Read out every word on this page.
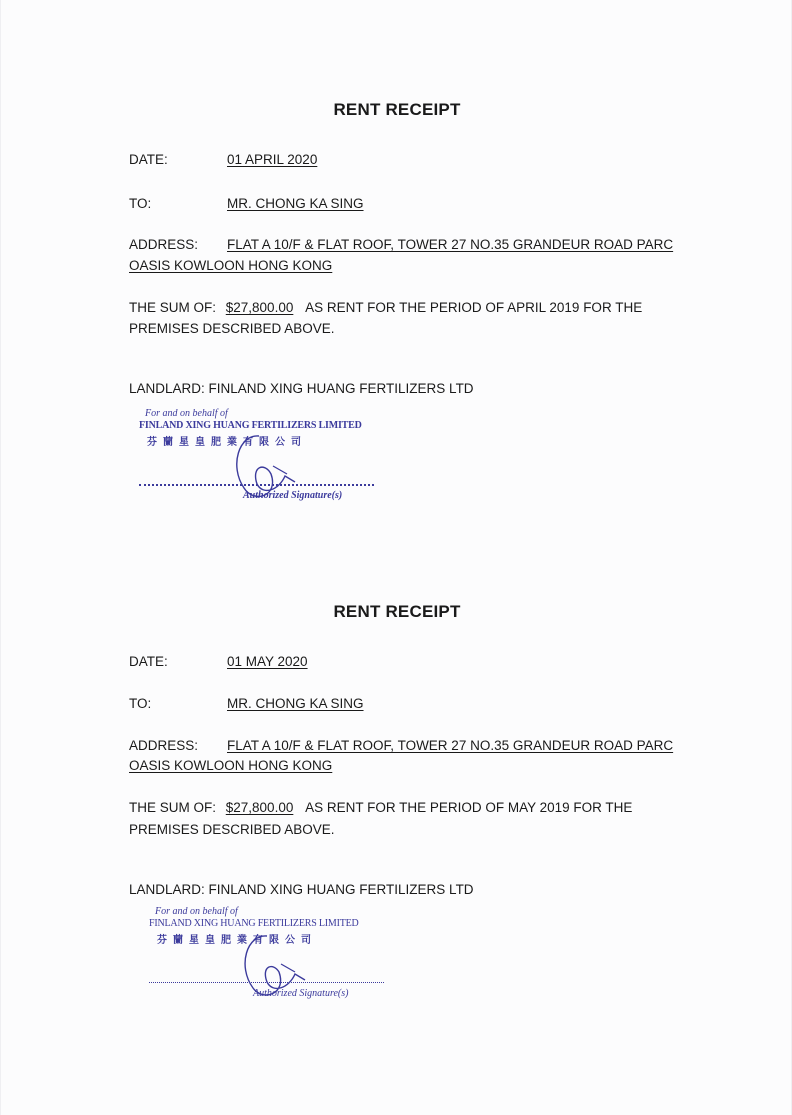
RENT RECEIPT
DATE:	01 APRIL 2020
TO:	MR. CHONG KA SING
ADDRESS: FLAT A 10/F & FLAT ROOF, TOWER 27 NO.35 GRANDEUR ROAD PARC
OASIS KOWLOON HONG KONG
THE SUM OF: $27,800.00 AS RENT FOR THE PERIOD OF APRIL 2019 FOR THE
PREMISES DESCRIBED ABOVE.
LANDLARD: FINLAND XING HUANG FERTILIZERS LTD
For and on behalf of
FINLAND XING HUANG FERTILIZERS LIMITED
芬蘭星皇肥業有限公司
Authorized Signature(s)
RENT RECEIPT
DATE:	01 MAY 2020
TO:	MR. CHONG KA SING
ADDRESS: FLAT A 10/F & FLAT ROOF, TOWER 27 NO.35 GRANDEUR ROAD PARC
OASIS KOWLOON HONG KONG
THE SUM OF: $27,800.00 AS RENT FOR THE PERIOD OF MAY 2019 FOR THE
PREMISES DESCRIBED ABOVE.
LANDLARD: FINLAND XING HUANG FERTILIZERS LTD
For and on behalf of
FINLAND XING HUANG FERTILIZERS LIMITED
芬蘭星皇肥業有限公司
Authorized Signature(s)
